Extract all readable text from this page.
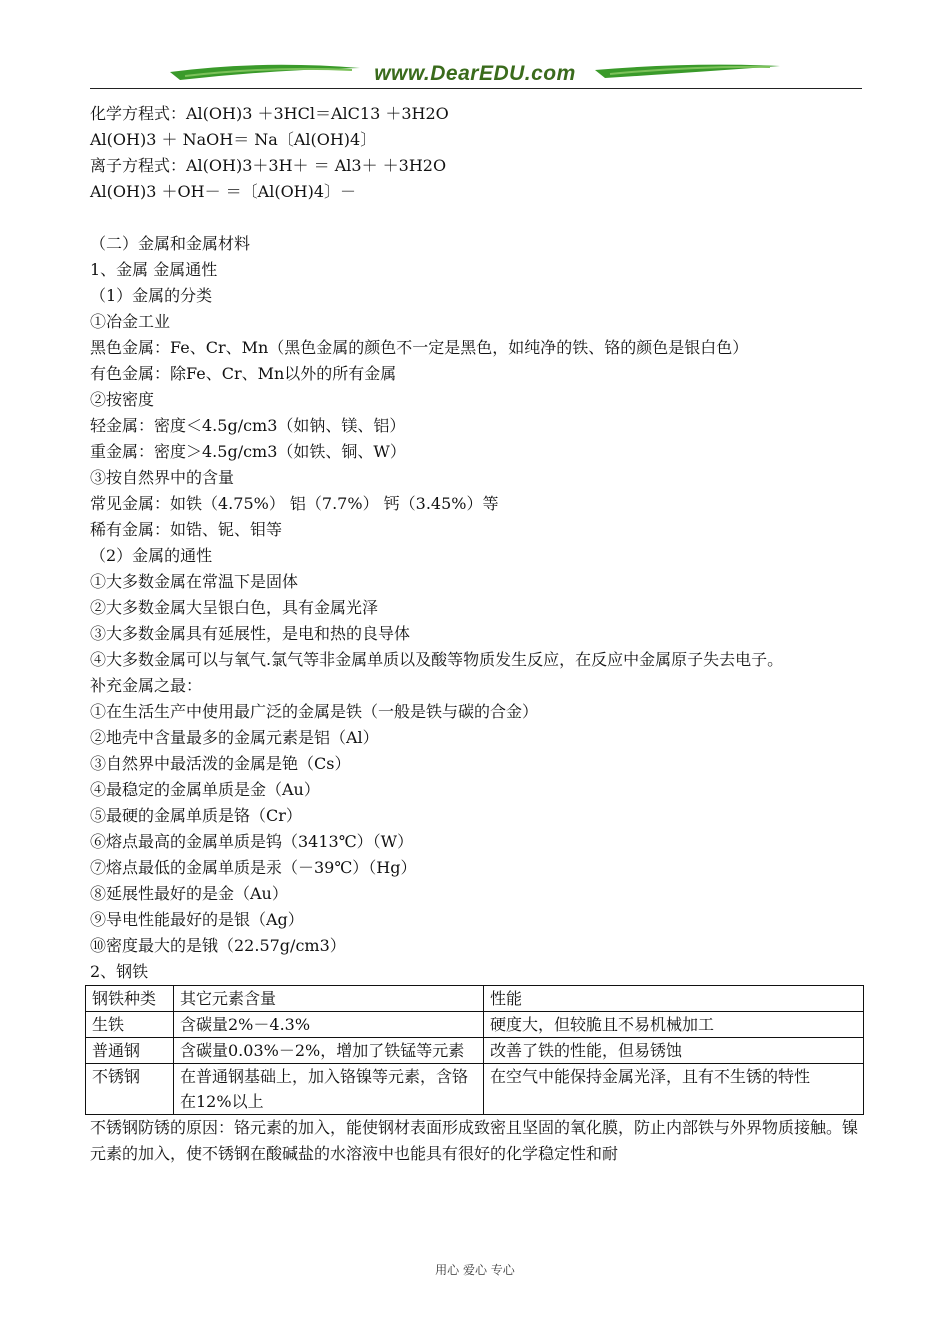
www.DearEDU.com
化学方程式：Al(OH)3 ＋3HCl＝AlC13 ＋3H2O
Al(OH)3 ＋ NaOH＝ Na〔Al(OH)4〕
离子方程式：Al(OH)3＋3H＋ ＝ Al3＋ ＋3H2O
Al(OH)3 ＋OH－ ＝〔Al(OH)4〕－
（二）金属和金属材料
1、金属 金属通性
（1）金属的分类
①冶金工业
黑色金属：Fe、Cr、Mn（黑色金属的颜色不一定是黑色，如纯净的铁、铬的颜色是银白色）
有色金属：除Fe、Cr、Mn以外的所有金属
②按密度
轻金属：密度＜4.5g/cm3（如钠、镁、铝）
重金属：密度＞4.5g/cm3（如铁、铜、W）
③按自然界中的含量
常见金属：如铁（4.75%） 铝（7.7%） 钙（3.45%）等
稀有金属：如锆、铌、钼等
（2）金属的通性
①大多数金属在常温下是固体
②大多数金属大呈银白色，具有金属光泽
③大多数金属具有延展性，是电和热的良导体
④大多数金属可以与氧气.氯气等非金属单质以及酸等物质发生反应，在反应中金属原子失去电子。
补充金属之最：
①在生活生产中使用最广泛的金属是铁（一般是铁与碳的合金）
②地壳中含量最多的金属元素是铝（Al）
③自然界中最活泼的金属是铯（Cs）
④最稳定的金属单质是金（Au）
⑤最硬的金属单质是铬（Cr）
⑥熔点最高的金属单质是钨（3413℃）（W）
⑦熔点最低的金属单质是汞（－39℃）（Hg）
⑧延展性最好的是金（Au）
⑨导电性能最好的是银（Ag）
⑩密度最大的是锇（22.57g/cm3）
2、钢铁
钢铁种类	其它元素含量	性能
生铁	含碳量2%－4.3%	硬度大，但较脆且不易机械加工
普通钢	含碳量0.03%－2%，增加了铁锰等元素	改善了铁的性能，但易锈蚀
不锈钢	在普通钢基础上，加入铬镍等元素，含铬在12%以上	在空气中能保持金属光泽，且有不生锈的特性
不锈钢防锈的原因：铬元素的加入，能使钢材表面形成致密且坚固的氧化膜，防止内部铁与外界物质接触。镍元素的加入，使不锈钢在酸碱盐的水溶液中也能具有很好的化学稳定性和耐
用心 爱心 专心
